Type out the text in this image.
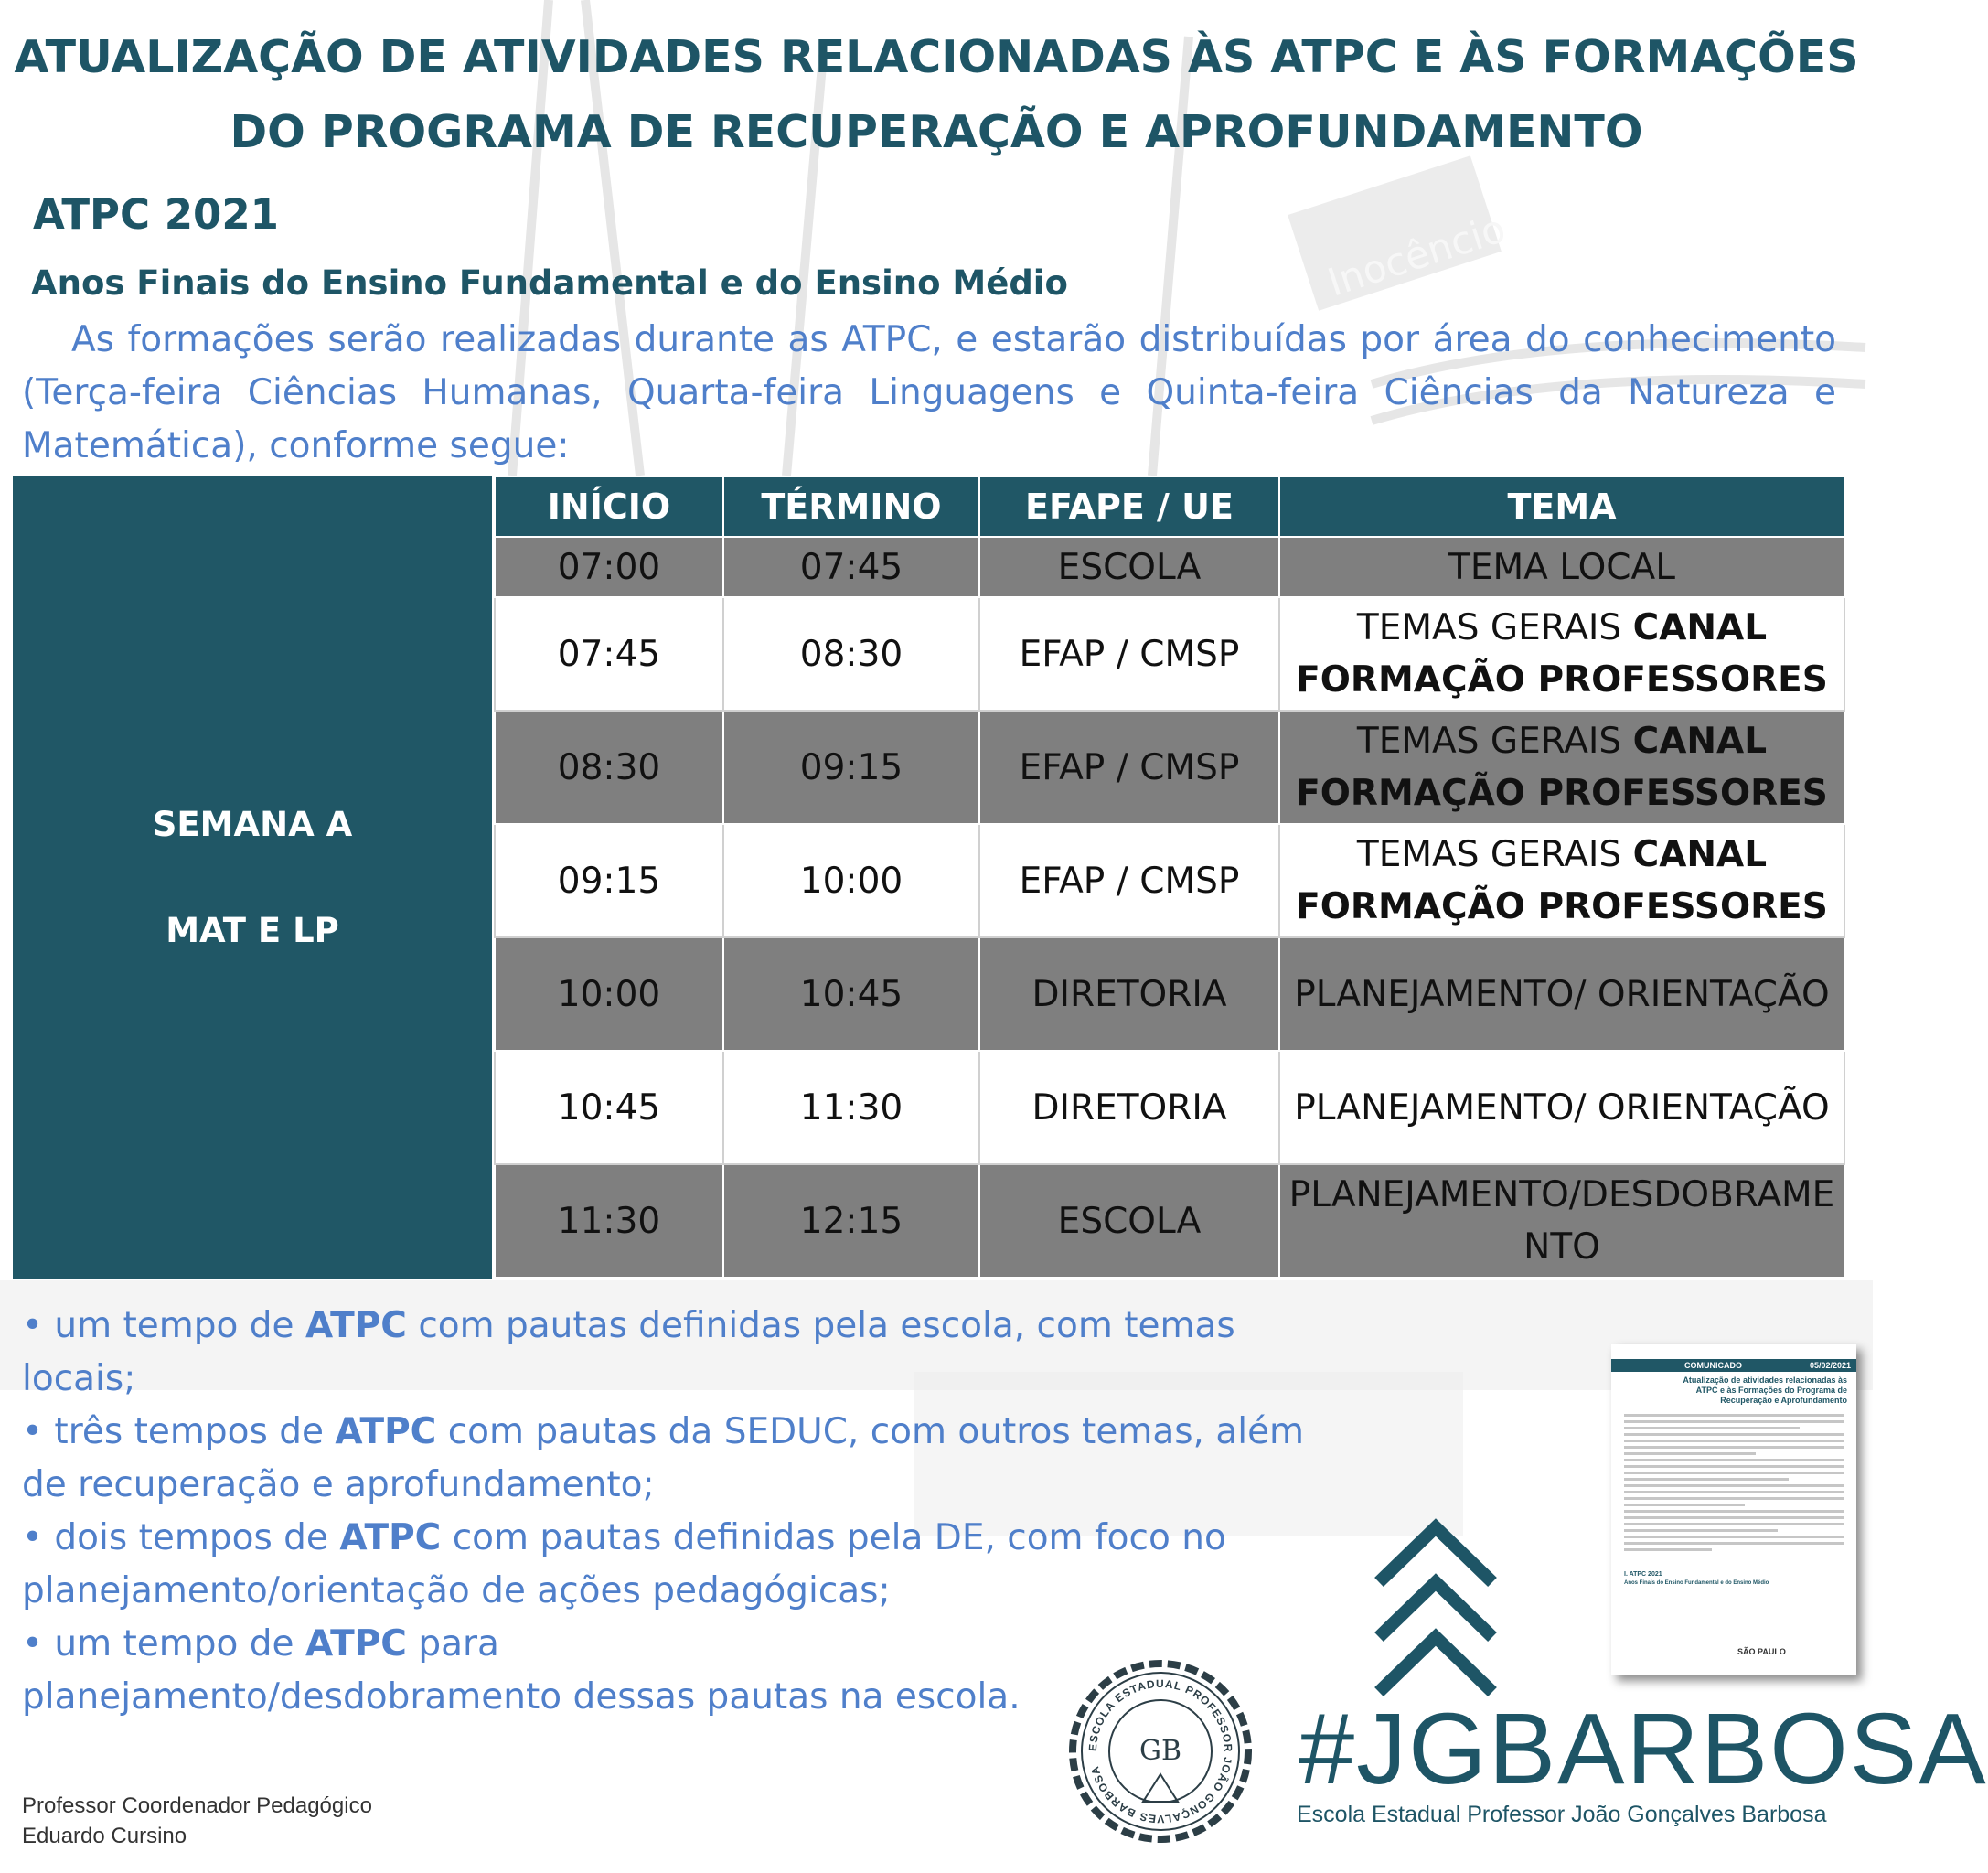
Inocêncio
ATUALIZAÇÃO DE ATIVIDADES RELACIONADAS ÀS ATPC E ÀS FORMAÇÕES
DO PROGRAMA DE RECUPERAÇÃO E APROFUNDAMENTO
ATPC 2021
Anos Finais do Ensino Fundamental e do Ensino Médio
As formações serão realizadas durante as ATPC, e estarão distribuídas por área do conhecimento (Terça-feira Ciências Humanas, Quarta-feira Linguagens e Quinta-feira Ciências da Natureza e Matemática), conforme segue:
SEMANA A
MAT E LP
INÍCIO	TÉRMINO	EFAPE / UE	TEMA
07:00	07:45	ESCOLA	TEMA LOCAL
07:45	08:30	EFAP / CMSP	TEMAS GERAIS CANAL FORMAÇÃO PROFESSORES
08:30	09:15	EFAP / CMSP	TEMAS GERAIS CANAL FORMAÇÃO PROFESSORES
09:15	10:00	EFAP / CMSP	TEMAS GERAIS CANAL FORMAÇÃO PROFESSORES
10:00	10:45	DIRETORIA	PLANEJAMENTO/ ORIENTAÇÃO
10:45	11:30	DIRETORIA	PLANEJAMENTO/ ORIENTAÇÃO
11:30	12:15	ESCOLA	PLANEJAMENTO/DESDOBRAMENTO

• um tempo de ATPC com pautas definidas pela escola, com temas locais;

• três tempos de ATPC com pautas da SEDUC, com outros temas, além de recuperação e aprofundamento;

• dois tempos de ATPC com pautas definidas pela DE, com foco no planejamento/orientação de ações pedagógicas;

• um tempo de ATPC para planejamento/desdobramento dessas pautas na escola.

COMUNICADO	05/02/2021
Atualização de atividades relacionadas às ATPC e às Formações do Programa de Recuperação e Aprofundamento
I. ATPC 2021
Anos Finais do Ensino Fundamental e do Ensino Médio
SÃO PAULO
ESCOLA ESTADUAL PROFESSOR JOÃO GONÇALVES BARBOSA
GB #JGBARBOSA
Escola Estadual Professor João Gonçalves Barbosa
Professor Coordenador Pedagógico
Eduardo Cursino
